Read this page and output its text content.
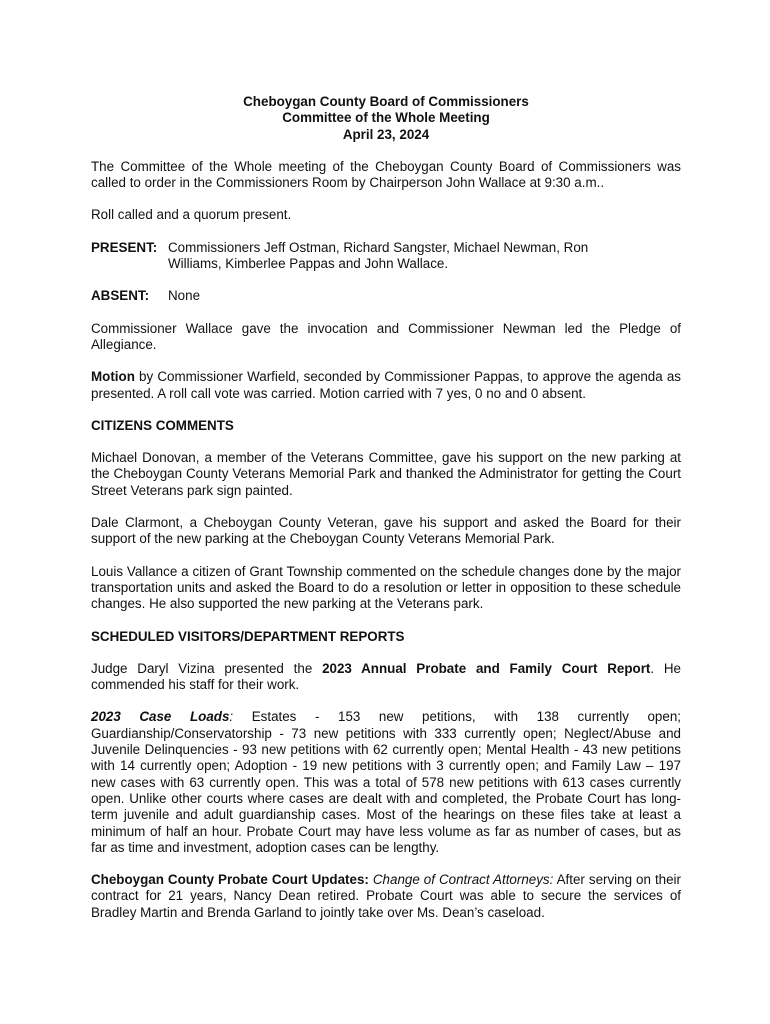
Cheboygan County Board of Commissioners
Committee of the Whole Meeting
April 23, 2024

The Committee of the Whole meeting of the Cheboygan County Board of Commissioners was called to order in the Commissioners Room by Chairperson John Wallace at 9:30 a.m..

Roll called and a quorum present.

PRESENT: Commissioners Jeff Ostman, Richard Sangster, Michael Newman, Ron Williams, Kimberlee Pappas and John Wallace.
ABSENT:	None

Commissioner Wallace gave the invocation and Commissioner Newman led the Pledge of Allegiance.

Motion by Commissioner Warfield, seconded by Commissioner Pappas, to approve the agenda as presented. A roll call vote was carried. Motion carried with 7 yes, 0 no and 0 absent.

CITIZENS COMMENTS

Michael Donovan, a member of the Veterans Committee, gave his support on the new parking at the Cheboygan County Veterans Memorial Park and thanked the Administrator for getting the Court Street Veterans park sign painted.

Dale Clarmont, a Cheboygan County Veteran, gave his support and asked the Board for their support of the new parking at the Cheboygan County Veterans Memorial Park.

Louis Vallance a citizen of Grant Township commented on the schedule changes done by the major transportation units and asked the Board to do a resolution or letter in opposition to these schedule changes. He also supported the new parking at the Veterans park.

SCHEDULED VISITORS/DEPARTMENT REPORTS

Judge Daryl Vizina presented the 2023 Annual Probate and Family Court Report. He commended his staff for their work.

2023 Case Loads: Estates - 153 new petitions, with 138 currently open; Guardianship/Conservatorship - 73 new petitions with 333 currently open; Neglect/Abuse and Juvenile Delinquencies - 93 new petitions with 62 currently open; Mental Health - 43 new petitions with 14 currently open; Adoption - 19 new petitions with 3 currently open; and Family Law – 197 new cases with 63 currently open. This was a total of 578 new petitions with 613 cases currently open. Unlike other courts where cases are dealt with and completed, the Probate Court has long-term juvenile and adult guardianship cases. Most of the hearings on these files take at least a minimum of half an hour. Probate Court may have less volume as far as number of cases, but as far as time and investment, adoption cases can be lengthy.

Cheboygan County Probate Court Updates: Change of Contract Attorneys: After serving on their contract for 21 years, Nancy Dean retired. Probate Court was able to secure the services of Bradley Martin and Brenda Garland to jointly take over Ms. Dean’s caseload.
